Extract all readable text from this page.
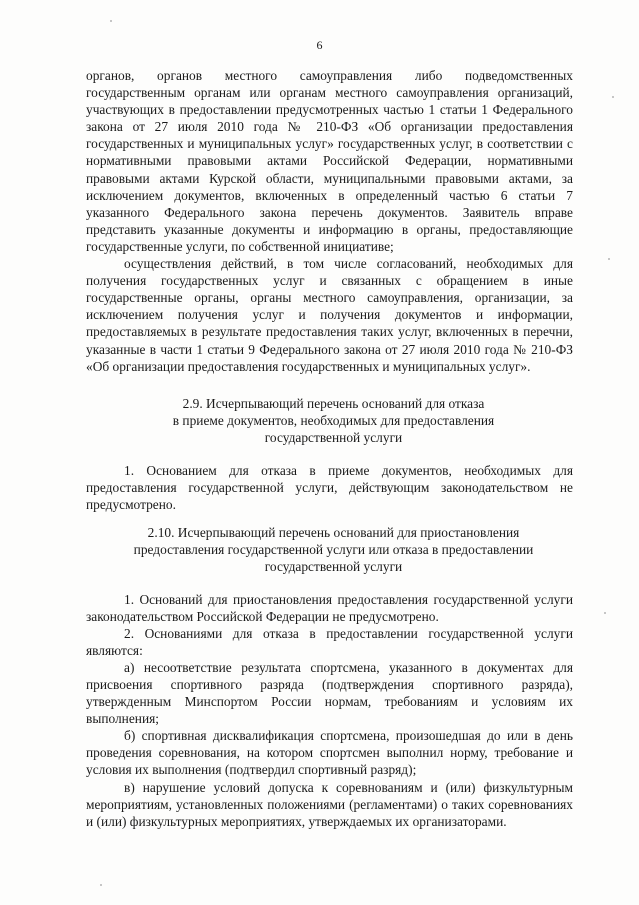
6

органов, органов местного самоуправления либо подведомственных государственным органам или органам местного самоуправления организаций, участвующих в предоставлении предусмотренных частью 1 статьи 1 Федерального закона от 27 июля 2010 года № 210-ФЗ «Об организации предоставления государственных и муниципальных услуг» государственных услуг, в соответствии с нормативными правовыми актами Российской Федерации, нормативными правовыми актами Курской области, муниципальными правовыми актами, за исключением документов, включенных в определенный частью 6 статьи 7 указанного Федерального закона перечень документов. Заявитель вправе представить указанные документы и информацию в органы, предоставляющие государственные услуги, по собственной инициативе;

осуществления действий, в том числе согласований, необходимых для получения государственных услуг и связанных с обращением в иные государственные органы, органы местного самоуправления, организации, за исключением получения услуг и получения документов и информации, предоставляемых в результате предоставления таких услуг, включенных в перечни, указанные в части 1 статьи 9 Федерального закона от 27 июля 2010 года № 210-ФЗ «Об организации предоставления государственных и муниципальных услуг».

2.9. Исчерпывающий перечень оснований для отказа
в приеме документов, необходимых для предоставления
государственной услуги

1. Основанием для отказа в приеме документов, необходимых для предоставления государственной услуги, действующим законодательством не предусмотрено.

2.10. Исчерпывающий перечень оснований для приостановления
предоставления государственной услуги или отказа в предоставлении
государственной услуги

1. Оснований для приостановления предоставления государственной услуги законодательством Российской Федерации не предусмотрено.

2. Основаниями для отказа в предоставлении государственной услуги являются:

а) несоответствие результата спортсмена, указанного в документах для присвоения спортивного разряда (подтверждения спортивного разряда), утвержденным Минспортом России нормам, требованиям и условиям их выполнения;

б) спортивная дисквалификация спортсмена, произошедшая до или в день проведения соревнования, на котором спортсмен выполнил норму, требование и условия их выполнения (подтвердил спортивный разряд);

в) нарушение условий допуска к соревнованиям и (или) физкультурным мероприятиям, установленных положениями (регламентами) о таких соревнованиях и (или) физкультурных мероприятиях, утверждаемых их организаторами.
